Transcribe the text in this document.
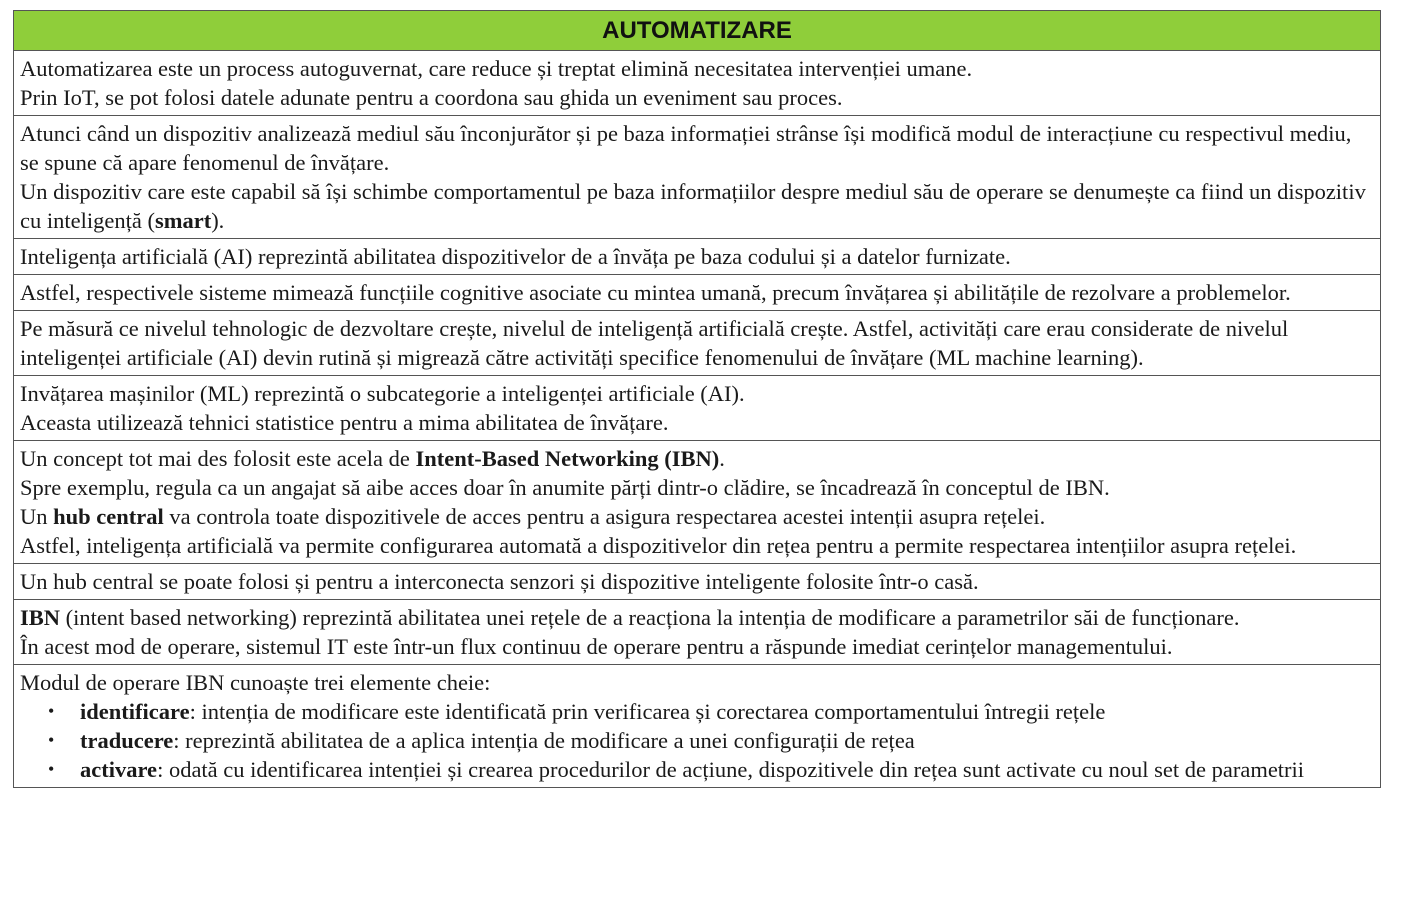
AUTOMATIZARE

Automatizarea este un process autoguvernat, care reduce și treptat elimină necesitatea intervenției umane.
Prin IoT, se pot folosi datele adunate pentru a coordona sau ghida un eveniment sau proces.

Atunci când un dispozitiv analizează mediul său înconjurător și pe baza informației strânse își modifică modul de interacțiune cu respectivul mediu, se spune că apare fenomenul de învățare.
Un dispozitiv care este capabil să își schimbe comportamentul pe baza informațiilor despre mediul său de operare se denumește ca fiind un dispozitiv cu inteligență (smart).

Inteligența artificială (AI) reprezintă abilitatea dispozitivelor de a învăța pe baza codului și a datelor furnizate.

Astfel, respectivele sisteme mimează funcțiile cognitive asociate cu mintea umană, precum învățarea și abilitățile de rezolvare a problemelor.

Pe măsură ce nivelul tehnologic de dezvoltare crește, nivelul de inteligență artificială crește. Astfel, activități care erau considerate de nivelul inteligenței artificiale (AI) devin rutină și migrează către activități specifice fenomenului de învățare (ML machine learning).

Invățarea mașinilor (ML) reprezintă o subcategorie a inteligenței artificiale (AI).
Aceasta utilizează tehnici statistice pentru a mima abilitatea de învățare.

Un concept tot mai des folosit este acela de Intent-Based Networking (IBN).
Spre exemplu, regula ca un angajat să aibe acces doar în anumite părți dintr-o clădire, se încadrează în conceptul de IBN.
Un hub central va controla toate dispozitivele de acces pentru a asigura respectarea acestei intenții asupra rețelei.
Astfel, inteligența artificială va permite configurarea automată a dispozitivelor din rețea pentru a permite respectarea intențiilor asupra rețelei.

Un hub central se poate folosi și pentru a interconecta senzori și dispozitive inteligente folosite într-o casă.

IBN (intent based networking) reprezintă abilitatea unei rețele de a reacționa la intenția de modificare a parametrilor săi de funcționare.
În acest mod de operare, sistemul IT este într-un flux continuu de operare pentru a răspunde imediat cerințelor managementului.

Modul de operare IBN cunoaște trei elemente cheie:
• identificare: intenția de modificare este identificată prin verificarea și corectarea comportamentului întregii rețele
• traducere: reprezintă abilitatea de a aplica intenția de modificare a unei configurații de rețea
• activare: odată cu identificarea intenției și crearea procedurilor de acțiune, dispozitivele din rețea sunt activate cu noul set de parametrii
